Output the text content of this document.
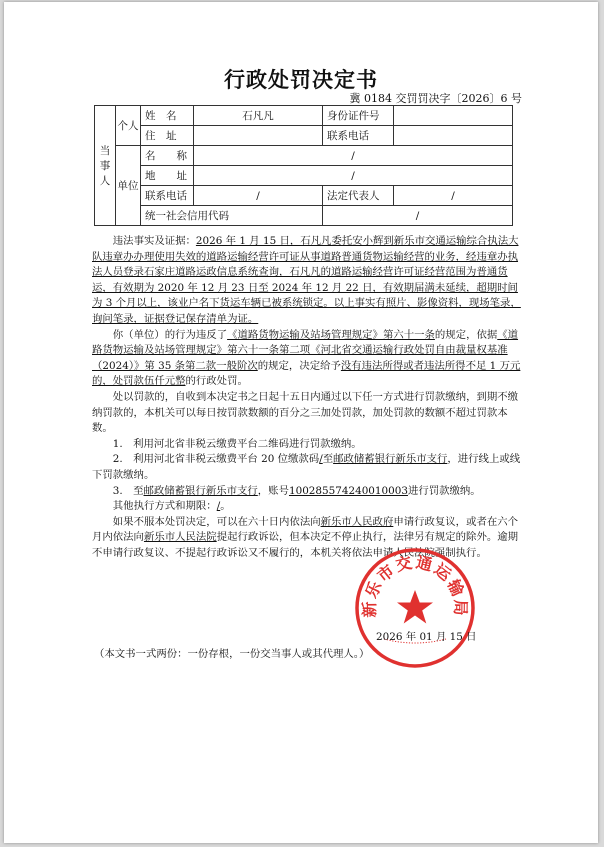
行政处罚决定书
冀 0184 交罚罚决字〔2026〕6 号
当事人	个人	姓　名	石凡凡	身份证件号	
		住　址		联系电话	
	单位	名　　称	/		
		地　　址	/		
		联系电话	/	法定代表人	/
		统一社会信用代码		/	

违法事实及证据：2026 年 1 月 15 日，石凡凡委托安小辉到新乐市交通运输综合执法大队违章办办理使用失效的道路运输经营许可证从事道路普通货物运输经营的业务，经违章办执法人员登录石家庄道路运政信息系统查询，石凡凡的道路运输经营许可证经营范围为普通货运，有效期为 2020 年 12 月 23 日至 2024 年 12 月 22 日，有效期届满未延续，超期时间为 3 个月以上，该业户名下货运车辆已被系统锁定。以上事实有照片、影像资料，现场笔录，询问笔录，证据登记保存清单为证。

你（单位）的行为违反了《道路货物运输及站场管理规定》第六十一条的规定，依据《道路货物运输及站场管理规定》第六十一条第二项《河北省交通运输行政处罚自由裁量权基准（2024）》第 35 条第二款一般阶次的规定，决定给予没有违法所得或者违法所得不足 1 万元的，处罚款伍仟元整的行政处罚。

处以罚款的，自收到本决定书之日起十五日内通过以下任一方式进行罚款缴纳，到期不缴纳罚款的，本机关可以每日按罚款数额的百分之三加处罚款，加处罚款的数额不超过罚款本数。

1.　利用河北省非税云缴费平台二维码进行罚款缴纳。

2.　利用河北省非税云缴费平台 20 位缴款码/至邮政储蓄银行新乐市支行，进行线上或线下罚款缴纳。

3.　至邮政储蓄银行新乐市支行，账号100285574240010003进行罚款缴纳。

其他执行方式和期限：/。

如果不服本处罚决定，可以在六十日内依法向新乐市人民政府申请行政复议，或者在六个月内依法向新乐市人民法院提起行政诉讼，但本决定不停止执行，法律另有规定的除外。逾期不申请行政复议、不提起行政诉讼又不履行的，本机关将依法申请人民法院强制执行。

新乐市交通运输局
2026 年 01 月 15 日
（本文书一式两份：一份存根，一份交当事人或其代理人。）
